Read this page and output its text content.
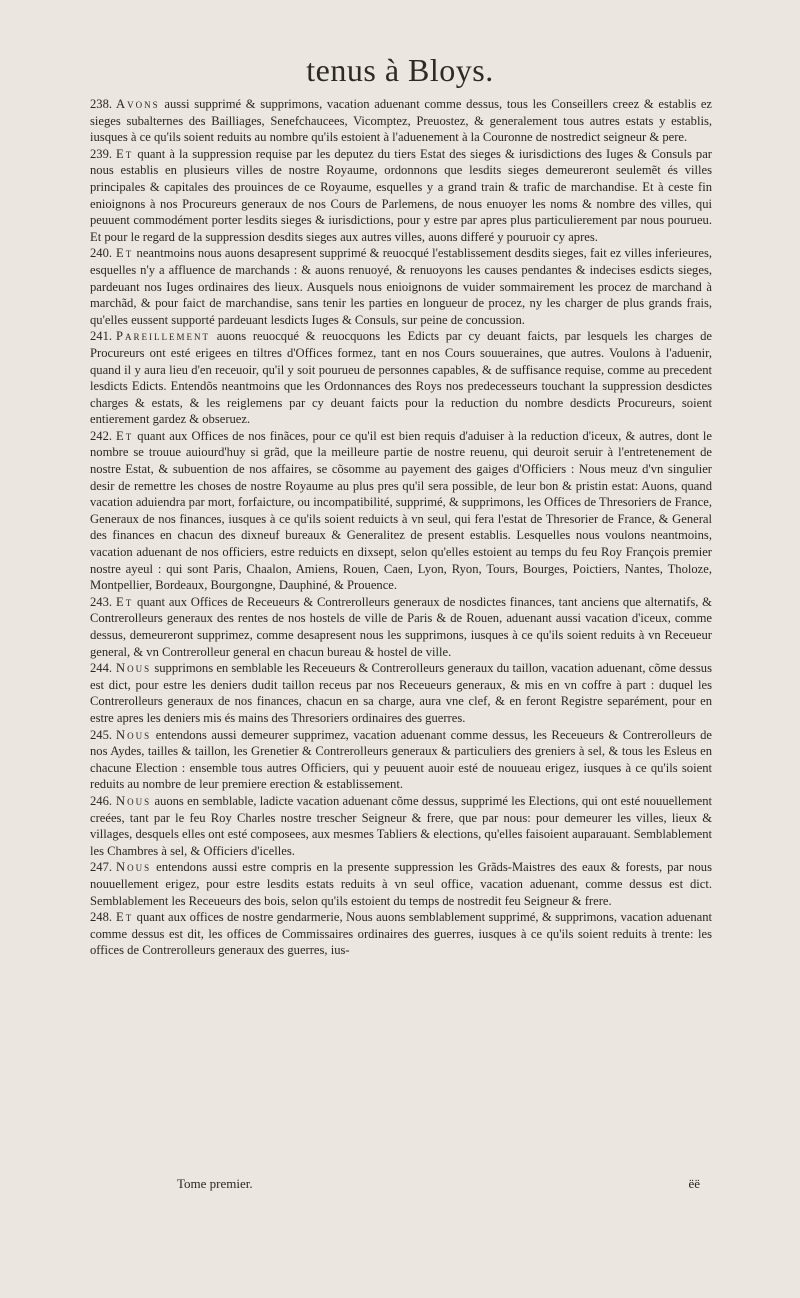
tenus à Bloys.

238. Avons aussi supprimé & supprimons, vacation aduenant comme dessus, tous les Conseillers creez & establis ez sieges subalternes des Bailliages, Senefchaucees, Vicomptez, Preuostez, & generalement tous autres estats y establis, iusques à ce qu'ils soient reduits au nombre qu'ils estoient à l'aduenement à la Couronne de nostredict seigneur & pere.

239. Et quant à la suppression requise par les deputez du tiers Estat des sieges & iurisdictions des Iuges & Consuls par nous establis en plusieurs villes de nostre Royaume, ordonnons que lesdits sieges demeureront seulemẽt és villes principales & capitales des prouinces de ce Royaume, esquelles y a grand train & trafic de marchandise. Et à ceste fin enioignons à nos Procureurs generaux de nos Cours de Parlemens, de nous enuoyer les noms & nombre des villes, qui peuuent commodément porter lesdits sieges & iurisdictions, pour y estre par apres plus particulierement par nous pourueu. Et pour le regard de la suppression desdits sieges aux autres villes, auons differé y pouruoir cy apres.

240. Et neantmoins nous auons desapresent supprimé & reuocqué l'establissement desdits sieges, fait ez villes inferieures, esquelles n'y a affluence de marchands : & auons renuoyé, & renuoyons les causes pendantes & indecises esdicts sieges, pardeuant nos Iuges ordinaires des lieux. Ausquels nous enioignons de vuider sommairement les procez de marchand à marchãd, & pour faict de marchandise, sans tenir les parties en longueur de procez, ny les charger de plus grands frais, qu'elles eussent supporté pardeuant lesdicts Iuges & Consuls, sur peine de concussion.

241. Pareillement auons reuocqué & reuocquons les Edicts par cy deuant faicts, par lesquels les charges de Procureurs ont esté erigees en tiltres d'Offices formez, tant en nos Cours souueraines, que autres. Voulons à l'aduenir, quand il y aura lieu d'en receuoir, qu'il y soit pourueu de personnes capables, & de suffisance requise, comme au precedent lesdicts Edicts. Entendõs neantmoins que les Ordonnances des Roys nos predecesseurs touchant la suppression desdictes charges & estats, & les reiglemens par cy deuant faicts pour la reduction du nombre desdicts Procureurs, soient entierement gardez & obseruez.

242. Et quant aux Offices de nos finãces, pour ce qu'il est bien requis d'aduiser à la reduction d'iceux, & autres, dont le nombre se trouue auiourd'huy si grãd, que la meilleure partie de nostre reuenu, qui deuroit seruir à l'entretenement de nostre Estat, & subuention de nos affaires, se cõsomme au payement des gaiges d'Officiers : Nous meuz d'vn singulier desir de remettre les choses de nostre Royaume au plus pres qu'il sera possible, de leur bon & pristin estat: Auons, quand vacation aduiendra par mort, forfaicture, ou incompatibilité, supprimé, & supprimons, les Offices de Thresoriers de France, Generaux de nos finances, iusques à ce qu'ils soient reduicts à vn seul, qui fera l'estat de Thresorier de France, & General des finances en chacun des dixneuf bureaux & Generalitez de present establis. Lesquelles nous voulons neantmoins, vacation aduenant de nos officiers, estre reduicts en dixsept, selon qu'elles estoient au temps du feu Roy François premier nostre ayeul : qui sont Paris, Chaalon, Amiens, Rouen, Caen, Lyon, Ryon, Tours, Bourges, Poictiers, Nantes, Tholoze, Montpellier, Bordeaux, Bourgongne, Dauphiné, & Prouence.

243. Et quant aux Offices de Receueurs & Contrerolleurs generaux de nosdictes finances, tant anciens que alternatifs, & Contrerolleurs generaux des rentes de nos hostels de ville de Paris & de Rouen, aduenant aussi vacation d'iceux, comme dessus, demeureront supprimez, comme desapresent nous les supprimons, iusques à ce qu'ils soient reduits à vn Receueur general, & vn Contrerolleur general en chacun bureau & hostel de ville.

244. Nous supprimons en semblable les Receueurs & Contrerolleurs generaux du taillon, vacation aduenant, cõme dessus est dict, pour estre les deniers dudit taillon receus par nos Receueurs generaux, & mis en vn coffre à part : duquel les Contrerolleurs generaux de nos finances, chacun en sa charge, aura vne clef, & en feront Registre separément, pour en estre apres les deniers mis és mains des Thresoriers ordinaires des guerres.

245. Nous entendons aussi demeurer supprimez, vacation aduenant comme dessus, les Receueurs & Contrerolleurs de nos Aydes, tailles & taillon, les Grenetier & Contrerolleurs generaux & particuliers des greniers à sel, & tous les Esleus en chacune Election : ensemble tous autres Officiers, qui y peuuent auoir esté de nouueau erigez, iusques à ce qu'ils soient reduits au nombre de leur premiere erection & establissement.

246. Nous auons en semblable, ladicte vacation aduenant cõme dessus, supprimé les Elections, qui ont esté nouuellement creées, tant par le feu Roy Charles nostre trescher Seigneur & frere, que par nous: pour demeurer les villes, lieux & villages, desquels elles ont esté composees, aux mesmes Tabliers & elections, qu'elles faisoient auparauant. Semblablement les Chambres à sel, & Officiers d'icelles.

247. Nous entendons aussi estre compris en la presente suppression les Grãds-Maistres des eaux & forests, par nous nouuellement erigez, pour estre lesdits estats reduits à vn seul office, vacation aduenant, comme dessus est dict. Semblablement les Receueurs des bois, selon qu'ils estoient du temps de nostredit feu Seigneur & frere.

248. Et quant aux offices de nostre gendarmerie, Nous auons semblablement supprimé, & supprimons, vacation aduenant comme dessus est dit, les offices de Commissaires ordinaires des guerres, iusques à ce qu'ils soient reduits à trente: les offices de Contrerolleurs generaux des guerres, ius-

Tome premier.	ëë
